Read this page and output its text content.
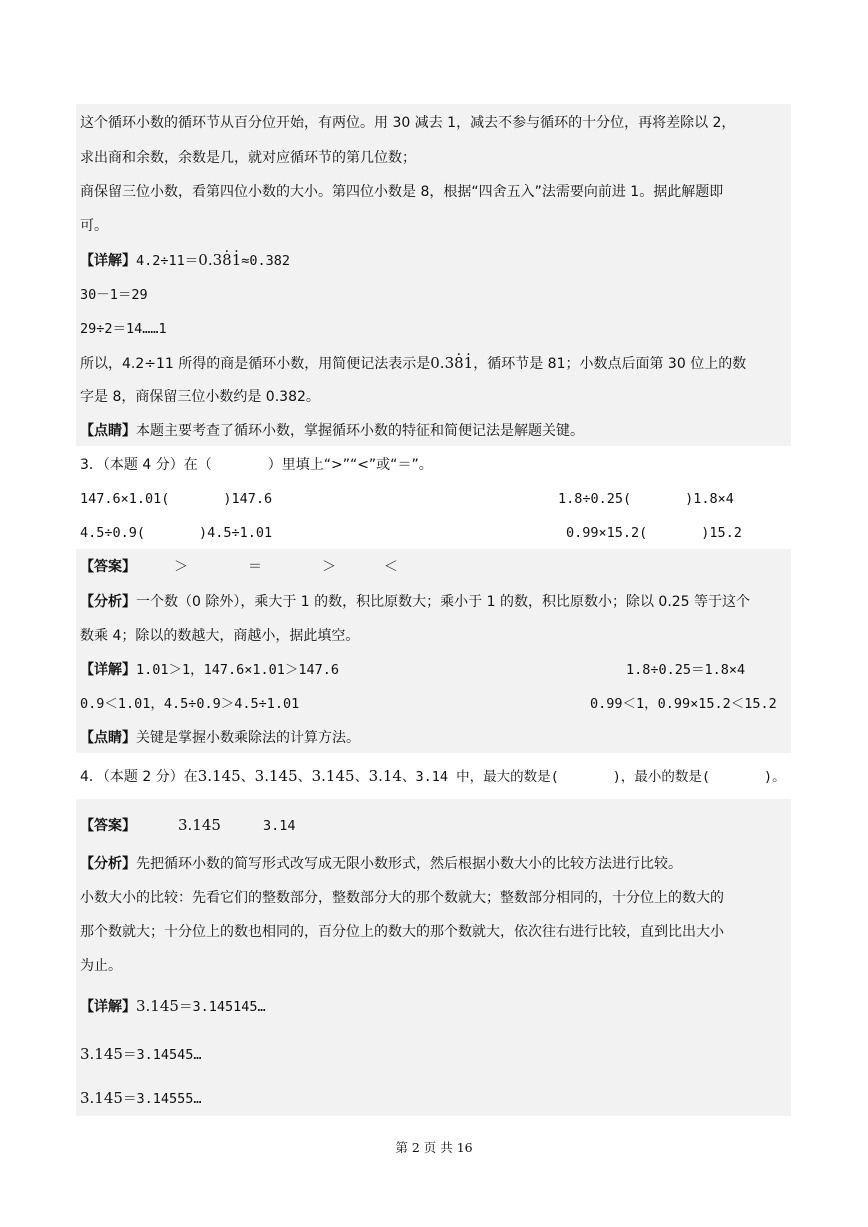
这个循环小数的循环节从百分位开始，有两位。用 30 减去 1，减去不参与循环的十分位，再将差除以 2，
求出商和余数，余数是几，就对应循环节的第几位数；
商保留三位小数，看第四位小数的大小。第四位小数是 8，根据“四舍五入”法需要向前进 1。据此解题即
可。
【详解】4.2÷11＝0.38 ·1 ·≈0.382
30－1＝29
29÷2＝14……1
所以，4.2÷11 所得的商是循环小数，用简便记法表示是0.38 ·1 ·，循环节是 81；小数点后面第 30 位上的数
字是 8，商保留三位小数约是 0.382。
【点睛】本题主要考查了循环小数，掌握循环小数的特征和简便记法是解题关键。
3．（本题 4 分）在（　　　　）里填上“>”“<”或“＝”。
147.6×1.01(　　　　)147.6	1.8÷0.25(　　　　)1.8×4
4.5÷0.9(　　　　)4.5÷1.01	0.99×15.2(　　　　)15.2
【答案】	＞	＝	＞	＜
【分析】一个数（0 除外），乘大于 1 的数，积比原数大；乘小于 1 的数，积比原数小；除以 0.25 等于这个
数乘 4；除以的数越大，商越小，据此填空。
【详解】1.01＞1，147.6×1.01＞147.6	1.8÷0.25＝1.8×4
0.9＜1.01，4.5÷0.9＞4.5÷1.01	0.99＜1，0.99×15.2＜15.2
【点睛】关键是掌握小数乘除法的计算方法。
4．（本题 2 分）在3.145、3.145、3.145、3.14、3.14 中，最大的数是(　　　　)，最小的数是(　　　　)。
【答案】	3.145	3.14
【分析】先把循环小数的简写形式改写成无限小数形式，然后根据小数大小的比较方法进行比较。
小数大小的比较：先看它们的整数部分，整数部分大的那个数就大；整数部分相同的，十分位上的数大的
那个数就大；十分位上的数也相同的，百分位上的数大的那个数就大，依次往右进行比较，直到比出大小
为止。
【详解】3.145＝3.145145…
3.145＝3.14545…
3.145＝3.14555…
第 2 页 共 16
